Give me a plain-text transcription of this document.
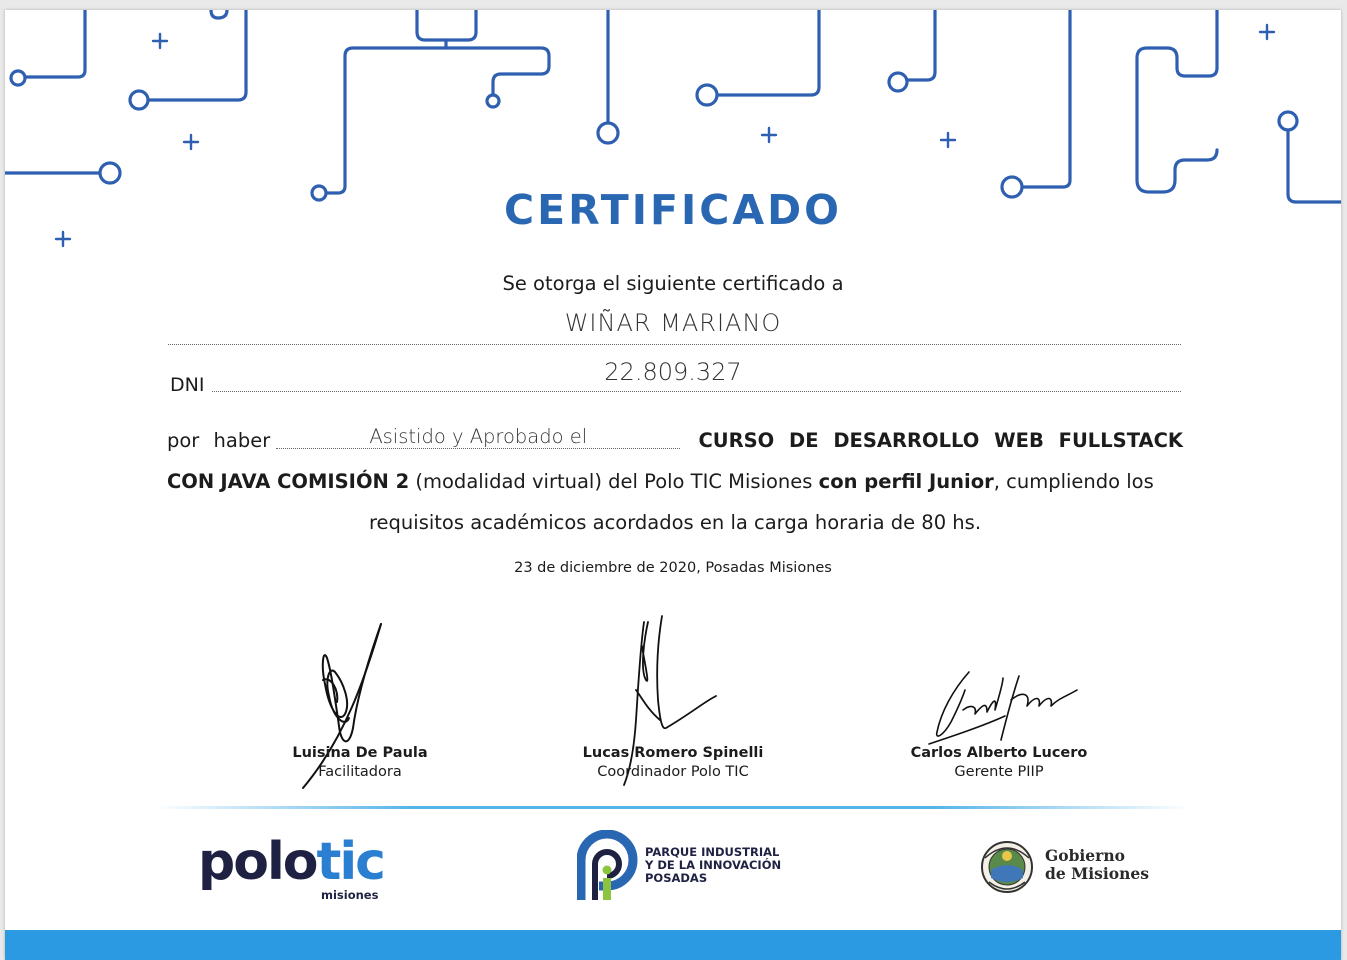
CERTIFICADO
Se otorga el siguiente certificado a
WIÑAR MARIANO
DNI	22.809.327
por haber	Asistido y Aprobado el	CURSO DE DESARROLLO WEB FULLSTACK CON JAVA COMISIÓN 2 (modalidad virtual) del Polo TIC Misiones con perfil Junior, cumpliendo los
requisitos académicos acordados en la carga horaria de 80 hs.
23 de diciembre de 2020, Posadas Misiones
Luisina De Paula
Facilitadora
Lucas Romero Spinelli
Coordinador Polo TIC
Carlos Alberto Lucero
Gerente PIIP
polotic
misiones
PARQUE INDUSTRIAL
Y DE LA INNOVACIÓN
POSADAS
Gobierno
de Misiones
